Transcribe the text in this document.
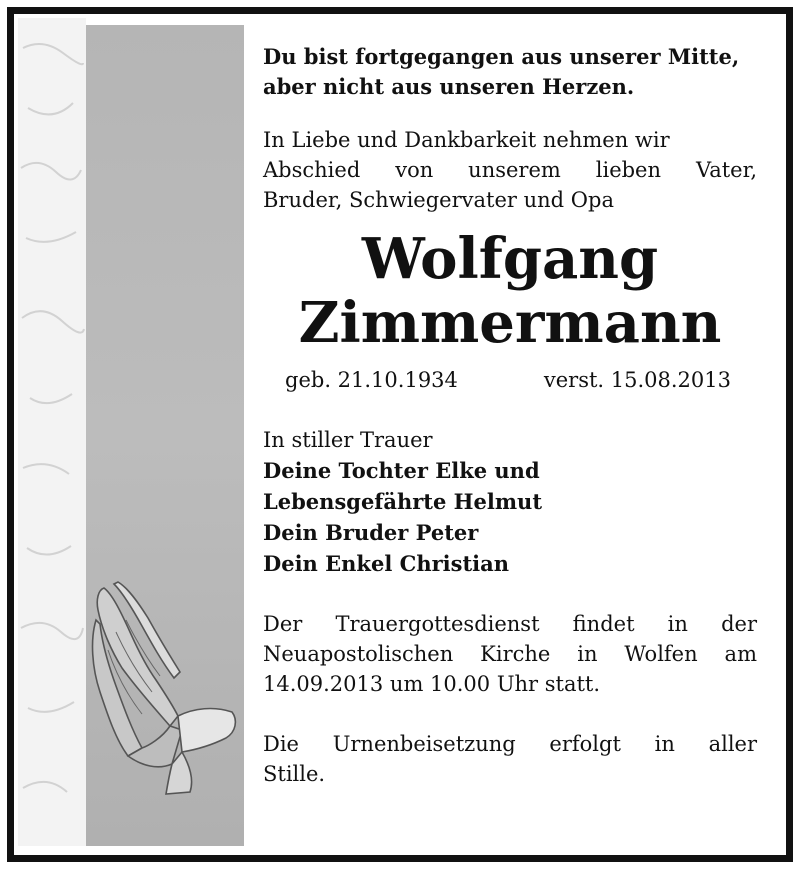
Du bist fortgegangen aus unserer Mitte,
aber nicht aus unseren Herzen.

In Liebe und Dankbarkeit nehmen wir
Abschied von unserem lieben Vater,
Bruder, Schwiegervater und Opa

Wolfgang
Zimmermann
geb. 21.10.1934	verst. 15.08.2013
In stiller Trauer
Deine Tochter Elke und
Lebensgefährte Helmut
Dein Bruder Peter
Dein Enkel Christian

Der Trauergottesdienst findet in der
Neuapostolischen Kirche in Wolfen am
14.09.2013 um 10.00 Uhr statt.

Die Urnenbeisetzung erfolgt in aller
Stille.
